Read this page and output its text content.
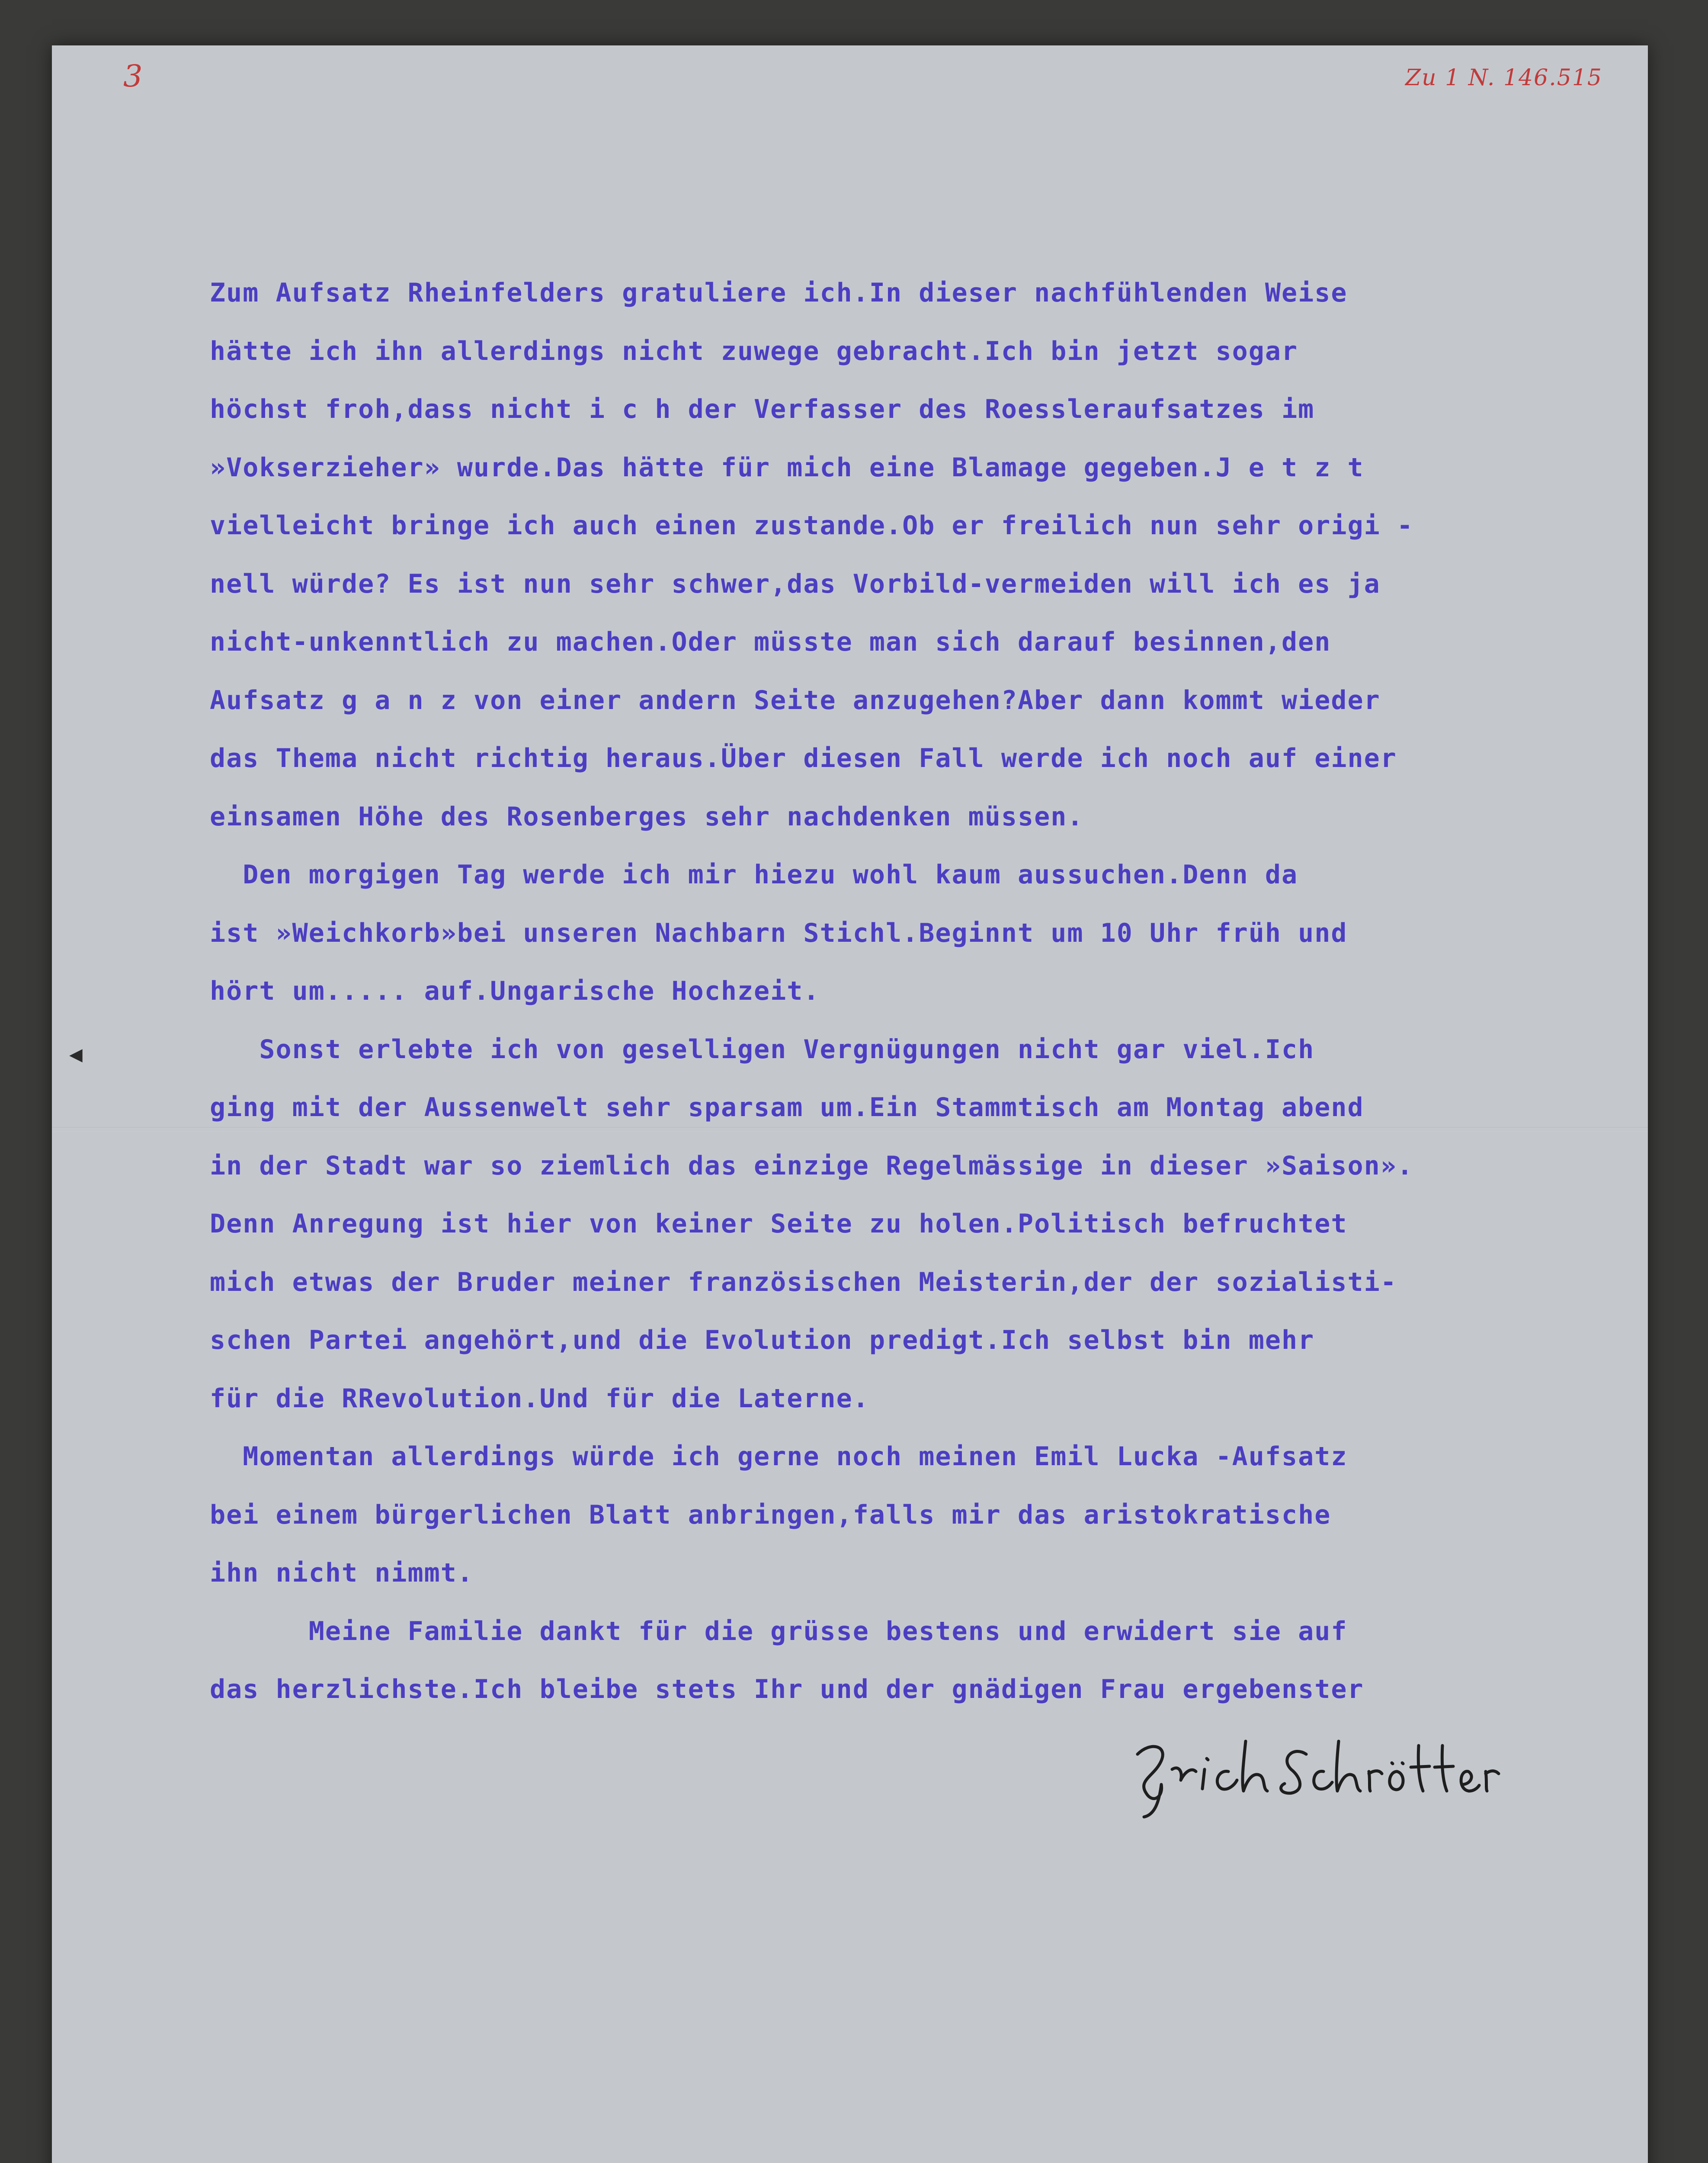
3	Zu 1 N. 146.515
Zum Aufsatz Rheinfelders gratuliere ich.In dieser nachfühlenden Weise
hätte ich ihn allerdings nicht zuwege gebracht.Ich bin jetzt sogar
höchst froh,dass nicht i c h der Verfasser des Roessleraufsatzes im
»Vokserzieher» wurde.Das hätte für mich eine Blamage gegeben.J e t z t
vielleicht bringe ich auch einen zustande.Ob er freilich nun sehr origi -
nell würde? Es ist nun sehr schwer,das Vorbild-vermeiden will ich es ja
nicht-unkenntlich zu machen.Oder müsste man sich darauf besinnen,den
Aufsatz g a n z von einer andern Seite anzugehen?Aber dann kommt wieder
das Thema nicht richtig heraus.Über diesen Fall werde ich noch auf einer
einsamen Höhe des Rosenberges sehr nachdenken müssen.
Den morgigen Tag werde ich mir hiezu wohl kaum aussuchen.Denn da
ist »Weichkorb»bei unseren Nachbarn Stichl.Beginnt um 10 Uhr früh und
hört um..... auf.Ungarische Hochzeit.
Sonst erlebte ich von geselligen Vergnügungen nicht gar viel.Ich
ging mit der Aussenwelt sehr sparsam um.Ein Stammtisch am Montag abend
in der Stadt war so ziemlich das einzige Regelmässige in dieser »Saison».
Denn Anregung ist hier von keiner Seite zu holen.Politisch befruchtet
mich etwas der Bruder meiner französischen Meisterin,der der sozialisti-
schen Partei angehört,und die Evolution predigt.Ich selbst bin mehr
für die RRevolution.Und für die Laterne.
Momentan allerdings würde ich gerne noch meinen Emil Lucka -Aufsatz
bei einem bürgerlichen Blatt anbringen,falls mir das aristokratische
ihn nicht nimmt.
Meine Familie dankt für die grüsse bestens und erwidert sie auf
das herzlichste.Ich bleibe stets Ihr und der gnädigen Frau ergebenster
◀
